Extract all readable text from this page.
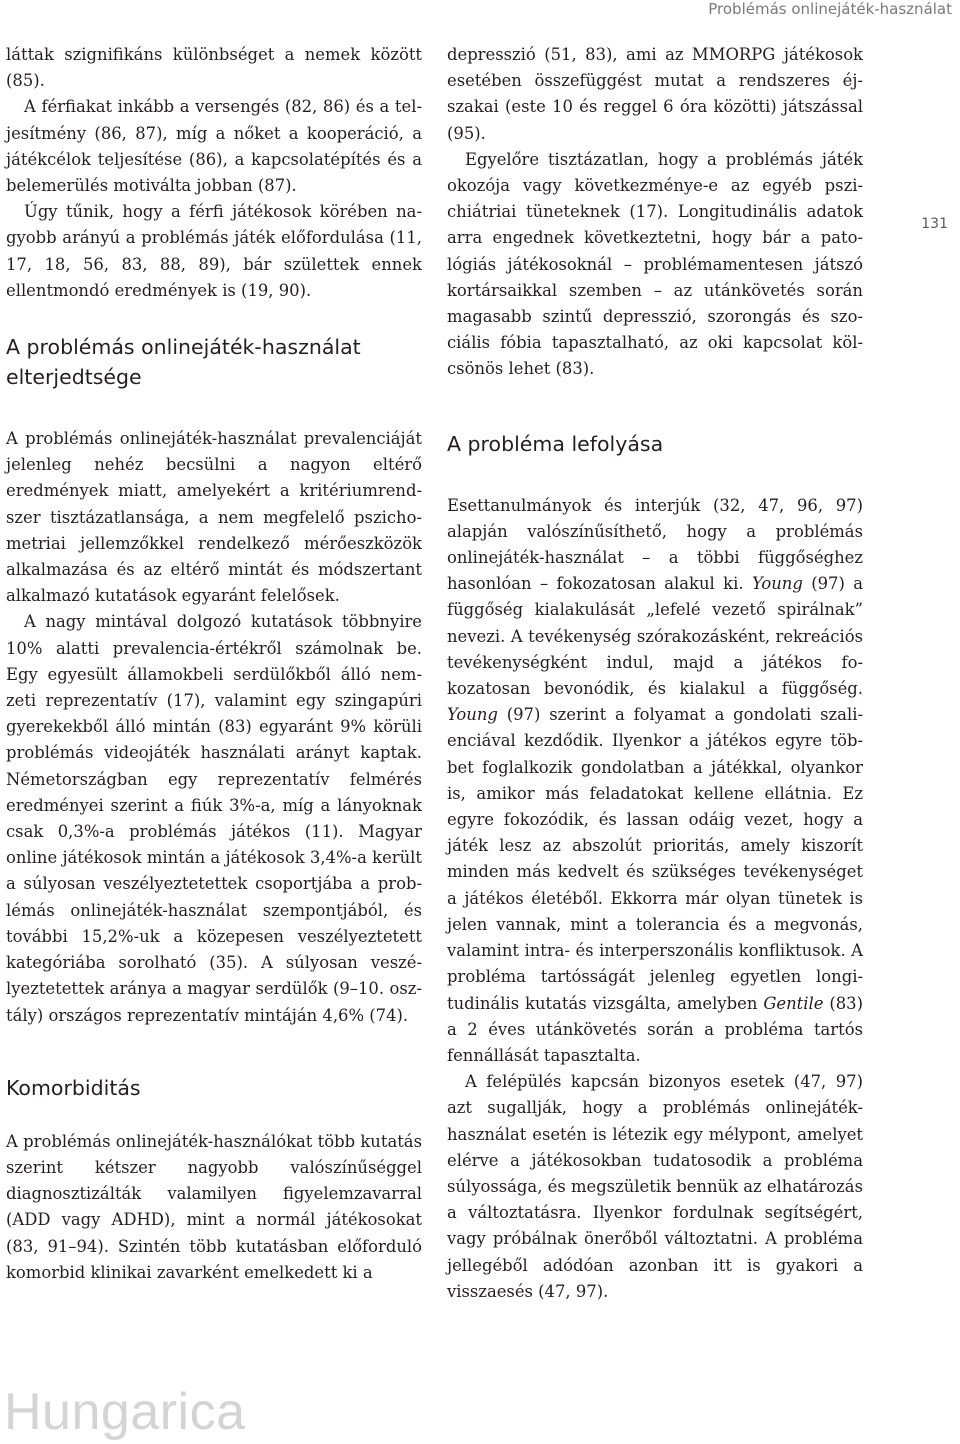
Problémás onlinejáték-használat
131

láttak szignifikáns különbséget a nemek között (85).

A férfiakat inkább a versengés (82, 86) és a teljesítmény (86, 87), míg a nőket a kooperáció, a játékcélok teljesítése (86), a kapcsolatépítés és a belemerülés motiválta jobban (87).

Úgy tűnik, hogy a férfi játékosok körében nagyobb arányú a problémás játék előfordulása (11, 17, 18, 56, 83, 88, 89), bár születtek ennek ellentmondó eredmények is (19, 90).

A problémás onlinejáték-használat elterjedtsége

A problémás onlinejáték-használat prevalenciáját jelenleg nehéz becsülni a nagyon eltérő eredmények miatt, amelyekért a kritériumrendszer tisztázatlansága, a nem megfelelő pszichometriai jellemzőkkel rendelkező mérőeszközök alkalmazása és az eltérő mintát és módszertant alkalmazó kutatások egyaránt felelősek.

A nagy mintával dolgozó kutatások többnyire 10% alatti prevalencia-értékről számolnak be. Egy egyesült államokbeli serdülőkből álló nemzeti reprezentatív (17), valamint egy szingapúri gyerekekből álló mintán (83) egyaránt 9% körüli problémás videojáték használati arányt kaptak. Németországban egy reprezentatív felmérés eredményei szerint a fiúk 3%-a, míg a lányoknak csak 0,3%-a problémás játékos (11). Magyar online játékosok mintán a játékosok 3,4%-a került a súlyosan veszélyeztetettek csoportjába a problémás onlinejáték-használat szempontjából, és további 15,2%-uk a közepesen veszélyeztetett kategóriába sorolható (35). A súlyosan veszélyeztetettek aránya a magyar serdülők (9–10. osztály) országos reprezentatív mintáján 4,6% (74).

Komorbiditás

A problémás onlinejáték-használókat több kutatás szerint kétszer nagyobb valószínűséggel diagnosztizálták valamilyen figyelemzavarral (ADD vagy ADHD), mint a normál játékosokat (83, 91–94). Szintén több kutatásban előforduló komorbid klinikai zavarként emelkedett ki a

depresszió (51, 83), ami az MMORPG játékosok esetében összefüggést mutat a rendszeres éjszakai (este 10 és reggel 6 óra közötti) játszással (95).

Egyelőre tisztázatlan, hogy a problémás játék okozója vagy következménye-e az egyéb pszichiátriai tüneteknek (17). Longitudinális adatok arra engednek következtetni, hogy bár a patológiás játékosoknál – problémamentesen játszó kortársaikkal szemben – az utánkövetés során magasabb szintű depresszió, szorongás és szociális fóbia tapasztalható, az oki kapcsolat kölcsönös lehet (83).

A probléma lefolyása

Esettanulmányok és interjúk (32, 47, 96, 97) alapján valószínűsíthető, hogy a problémás onlinejáték-használat – a többi függőséghez hasonlóan – fokozatosan alakul ki. Young (97) a függőség kialakulását „lefelé vezető spirálnak” nevezi. A tevékenység szórakozásként, rekreációs tevékenységként indul, majd a játékos fokozatosan bevonódik, és kialakul a függőség. Young (97) szerint a folyamat a gondolati szalienciával kezdődik. Ilyenkor a játékos egyre többet foglalkozik gondolatban a játékkal, olyankor is, amikor más feladatokat kellene ellátnia. Ez egyre fokozódik, és lassan odáig vezet, hogy a játék lesz az abszolút prioritás, amely kiszorít minden más kedvelt és szükséges tevékenységet a játékos életéből. Ekkorra már olyan tünetek is jelen vannak, mint a tolerancia és a megvonás, valamint intra- és interperszonális konfliktusok. A probléma tartósságát jelenleg egyetlen longitudinális kutatás vizsgálta, amelyben Gentile (83) a 2 éves utánkövetés során a probléma tartós fennállását tapasztalta.

A felépülés kapcsán bizonyos esetek (47, 97) azt sugallják, hogy a problémás onlinejáték-használat esetén is létezik egy mélypont, amelyet elérve a játékosokban tudatosodik a probléma súlyossága, és megszületik bennük az elhatározás a változtatásra. Ilyenkor fordulnak segítségért, vagy próbálnak önerőből változtatni. A probléma jellegéből adódóan azonban itt is gyakori a visszaesés (47, 97).

Hungarica
